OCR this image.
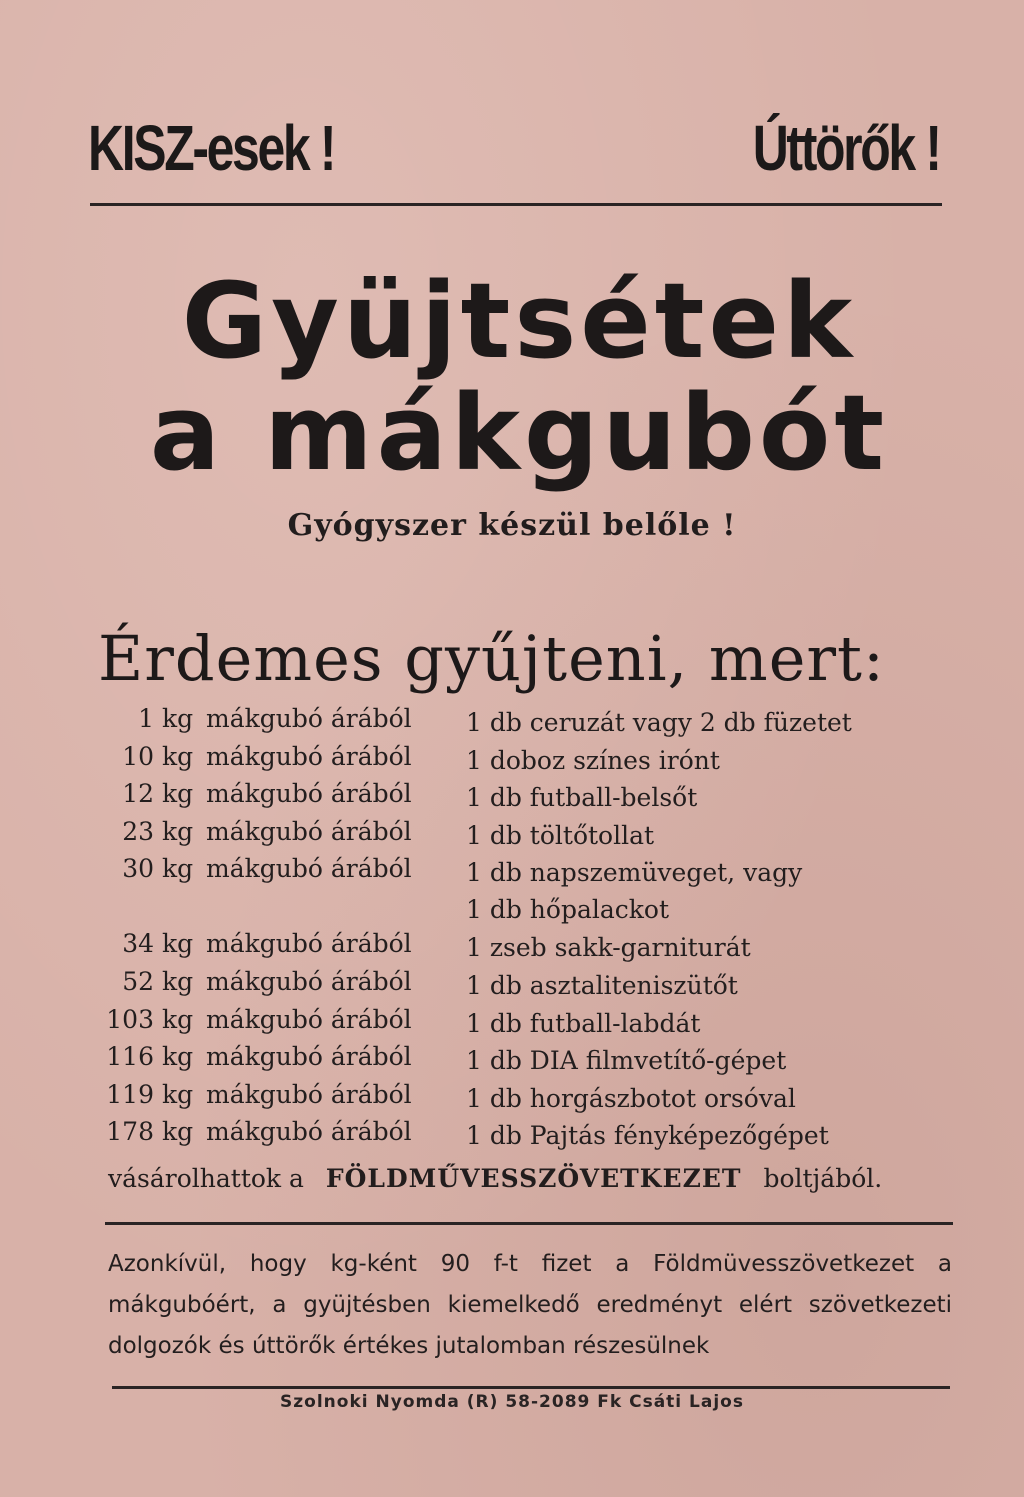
KISZ-esek !	Úttörők !
Gyüjtsétek
a mákgubót
Gyógyszer készül belőle !
Érdemes gyűjteni, mert:
1 kg mákgubó árából 1 db ceruzát vagy 2 db füzetet
10 kg mákgubó árából 1 doboz színes irónt
12 kg mákgubó árából 1 db futball-belsőt
23 kg mákgubó árából 1 db töltőtollat
30 kg mákgubó árából 1 db napszemüveget, vagy
1 db hőpalackot
34 kg mákgubó árából 1 zseb sakk-garniturát
52 kg mákgubó árából 1 db asztaliteniszütőt
103 kg mákgubó árából 1 db futball-labdát
116 kg mákgubó árából 1 db DIA filmvetítő-gépet
119 kg mákgubó árából 1 db horgászbotot orsóval
178 kg mákgubó árából 1 db Pajtás fényképezőgépet
vásárolhattok a FÖLDMŰVESSZÖVETKEZET boltjából.
Azonkívül, hogy kg-ként 90 f-t fizet a Földmüvesszövetkezet a mákgubóért, a gyüjtésben kiemelkedő eredményt elért szövetkezeti dolgozók és úttörők értékes jutalomban részesülnek
Szolnoki Nyomda (R) 58-2089 Fk Csáti Lajos
